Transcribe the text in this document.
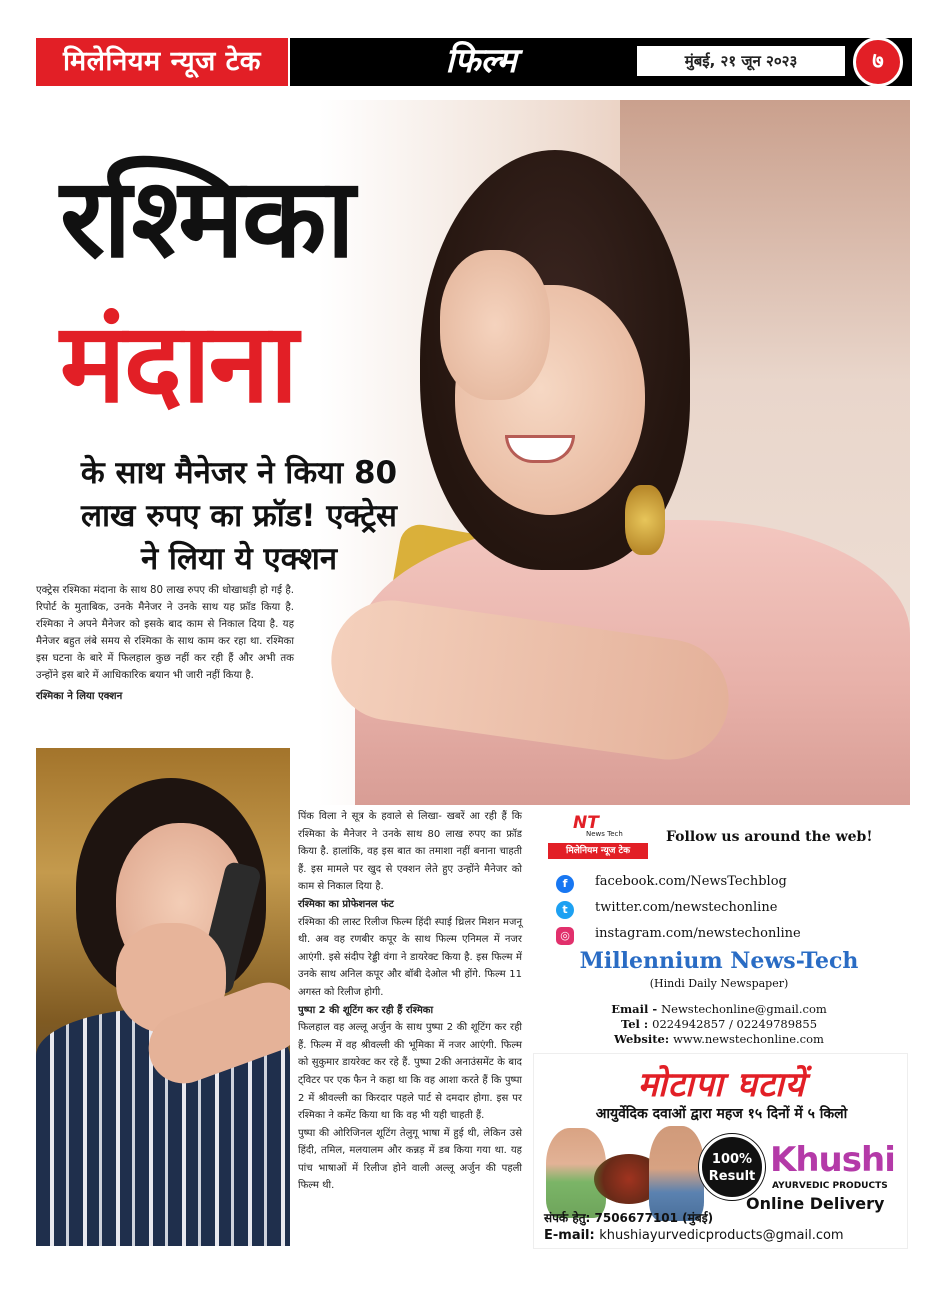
मिलेनियम न्यूज टेक	फिल्म	मुंबई, २१ जून २०२३	७
रश्मिका
मंदाना
के साथ मैनेजर ने किया 80
लाख रुपए का फ्रॉड! एक्ट्रेस
ने लिया ये एक्शन
एक्ट्रेस रश्मिका मंदाना के साथ 80 लाख रुपए की धोखाधड़ी हो गई है. रिपोर्ट के मुताबिक, उनके मैनेजर ने उनके साथ यह फ्रॉड किया है. रश्मिका ने अपने मैनेजर को इसके बाद काम से निकाल दिया है. यह मैनेजर बहुत लंबे समय से रश्मिका के साथ काम कर रहा था. रश्मिका इस घटना के बारे में फिलहाल कुछ नहीं कर रही हैं और अभी तक उन्होंने इस बारे में आधिकारिक बयान भी जारी नहीं किया है.
रश्मिका ने लिया एक्शन
पिंक विला ने सूत्र के हवाले से लिखा- खबरें आ रही हैं कि रश्मिका के मैनेजर ने उनके साथ 80 लाख रुपए का फ्रॉड किया है. हालांकि, वह इस बात का तमाशा नहीं बनाना चाहती हैं. इस मामले पर खुद से एक्शन लेते हुए उन्होंने मैनेजर को काम से निकाल दिया है.
रश्मिका का प्रोफेशनल फंट
रश्मिका की लास्ट रिलीज फिल्म हिंदी स्पाई थ्रिलर मिशन मजनू थी. अब वह रणबीर कपूर के साथ फिल्म एनिमल में नजर आएंगी. इसे संदीप रेड्डी वंगा ने डायरेक्ट किया है. इस फिल्म में उनके साथ अनिल कपूर और बॉबी देओल भी होंगे. फिल्म 11 अगस्त को रिलीज होगी.
पुष्पा 2 की शूटिंग कर रही हैं रश्मिका
फिलहाल वह अल्लू अर्जुन के साथ पुष्पा 2 की शूटिंग कर रही हैं. फिल्म में वह श्रीवल्ली की भूमिका में नजर आएंगी. फिल्म को सुकुमार डायरेक्ट कर रहे हैं. पुष्पा 2की अनाउंसमेंट के बाद ट्विटर पर एक फैन ने कहा था कि वह आशा करते हैं कि पुष्पा 2 में श्रीवल्ली का किरदार पहले पार्ट से दमदार होगा. इस पर रश्मिका ने कमेंट किया था कि वह भी यही चाहती हैं.
पुष्पा की ओरिजिनल शूटिंग तेलुगू भाषा में हुई थी, लेकिन उसे हिंदी, तमिल, मलयालम और कन्नड़ में डब किया गया था. यह पांच भाषाओं में रिलीज होने वाली अल्लू अर्जुन की पहली फिल्म थी.
NT
News Tech
मिलेनियम न्यूज टेक
Follow us around the web!
f	facebook.com/NewsTechblog
t	twitter.com/newstechonline
◎	instagram.com/newstechonline
Millennium News-Tech
(Hindi Daily Newspaper)
Email - Newstechonline@gmail.com
Tel : 0224942857 / 02249789855
Website: www.newstechonline.com
मोटापा घटायें
आयुर्वेदिक दवाओं द्वारा महज १५ दिनों में ५ किलो
100%
Result Khushi
AYURVEDIC PRODUCTS
Online Delivery
संपर्क हेतु: 7506677101 (मुंबई)
E-mail: khushiayurvedicproducts@gmail.com
